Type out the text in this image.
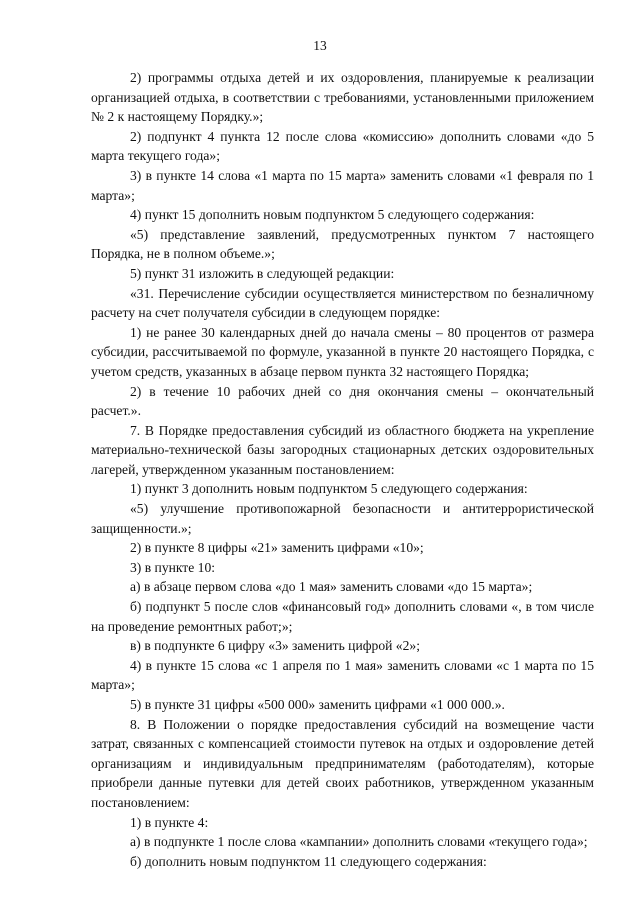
13

2) программы отдыха детей и их оздоровления, планируемые к реализации организацией отдыха, в соответствии с требованиями, установленными приложением № 2 к настоящему Порядку.»;

2) подпункт 4 пункта 12 после слова «комиссию» дополнить словами «до 5 марта текущего года»;

3) в пункте 14 слова «1 марта по 15 марта» заменить словами «1 февраля по 1 марта»;

4) пункт 15 дополнить новым подпунктом 5 следующего содержания:

«5) представление заявлений, предусмотренных пунктом 7 настоящего Порядка, не в полном объеме.»;

5) пункт 31 изложить в следующей редакции:

«31. Перечисление субсидии осуществляется министерством по безналичному расчету на счет получателя субсидии в следующем порядке:

1) не ранее 30 календарных дней до начала смены – 80 процентов от размера субсидии, рассчитываемой по формуле, указанной в пункте 20 настоящего Порядка, с учетом средств, указанных в абзаце первом пункта 32 настоящего Порядка;

2) в течение 10 рабочих дней со дня окончания смены – окончательный расчет.».

7. В Порядке предоставления субсидий из областного бюджета на укрепление материально-технической базы загородных стационарных детских оздоровительных лагерей, утвержденном указанным постановлением:

1) пункт 3 дополнить новым подпунктом 5 следующего содержания:

«5) улучшение противопожарной безопасности и антитеррористической защищенности.»;

2) в пункте 8 цифры «21» заменить цифрами «10»;

3) в пункте 10:

а) в абзаце первом слова «до 1 мая» заменить словами «до 15 марта»;

б) подпункт 5 после слов «финансовый год» дополнить словами «, в том числе на проведение ремонтных работ;»;

в) в подпункте 6 цифру «3» заменить цифрой «2»;

4) в пункте 15 слова «с 1 апреля по 1 мая» заменить словами «с 1 марта по 15 марта»;

5) в пункте 31 цифры «500 000» заменить цифрами «1 000 000.».

8. В Положении о порядке предоставления субсидий на возмещение части затрат, связанных с компенсацией стоимости путевок на отдых и оздоровление детей организациям и индивидуальным предпринимателям (работодателям), которые приобрели данные путевки для детей своих работников, утвержденном указанным постановлением:

1) в пункте 4:

а) в подпункте 1 после слова «кампании» дополнить словами «текущего года»;

б) дополнить новым подпунктом 11 следующего содержания:
